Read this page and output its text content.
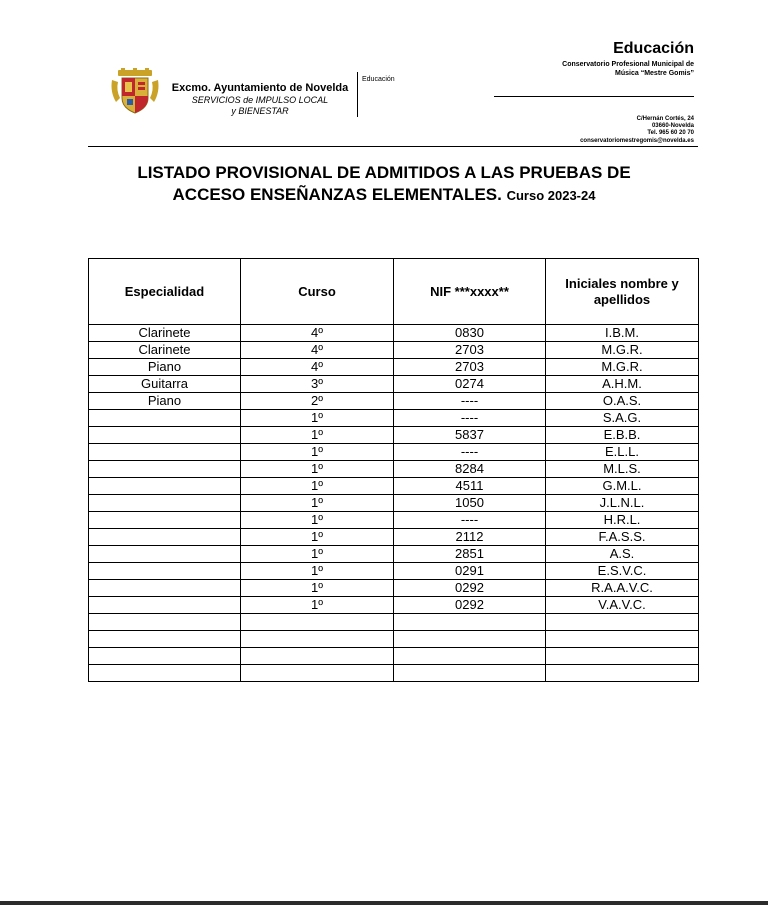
Excmo. Ayuntamiento de Novelda
SERVICIOS de IMPULSO LOCAL
y BIENESTAR
Educación
Educación
Conservatorio Profesional Municipal de
Música “Mestre Gomis”
C/Hernán Cortés, 24
03660-Novelda
Tel. 965 60 20 70
conservatoriomestregomis@novelda.es
LISTADO PROVISIONAL DE ADMITIDOS A LAS PRUEBAS DE
ACCESO ENSEÑANZAS ELEMENTALES. Curso 2023-24
Especialidad	Curso	NIF ***xxxx**	Iniciales nombre y apellidos
Clarinete	4º	0830	I.B.M.
Clarinete	4º	2703	M.G.R.
Piano	4º	2703	M.G.R.
Guitarra	3º	0274	A.H.M.
Piano	2º	----	O.A.S.
	1º	----	S.A.G.
	1º	5837	E.B.B.
	1º	----	E.L.L.
	1º	8284	M.L.S.
	1º	4511	G.M.L.
	1º	1050	J.L.N.L.
	1º	----	H.R.L.
	1º	2112	F.A.S.S.
	1º	2851	A.S.
	1º	0291	E.S.V.C.
	1º	0292	R.A.A.V.C.
	1º	0292	V.A.V.C.
